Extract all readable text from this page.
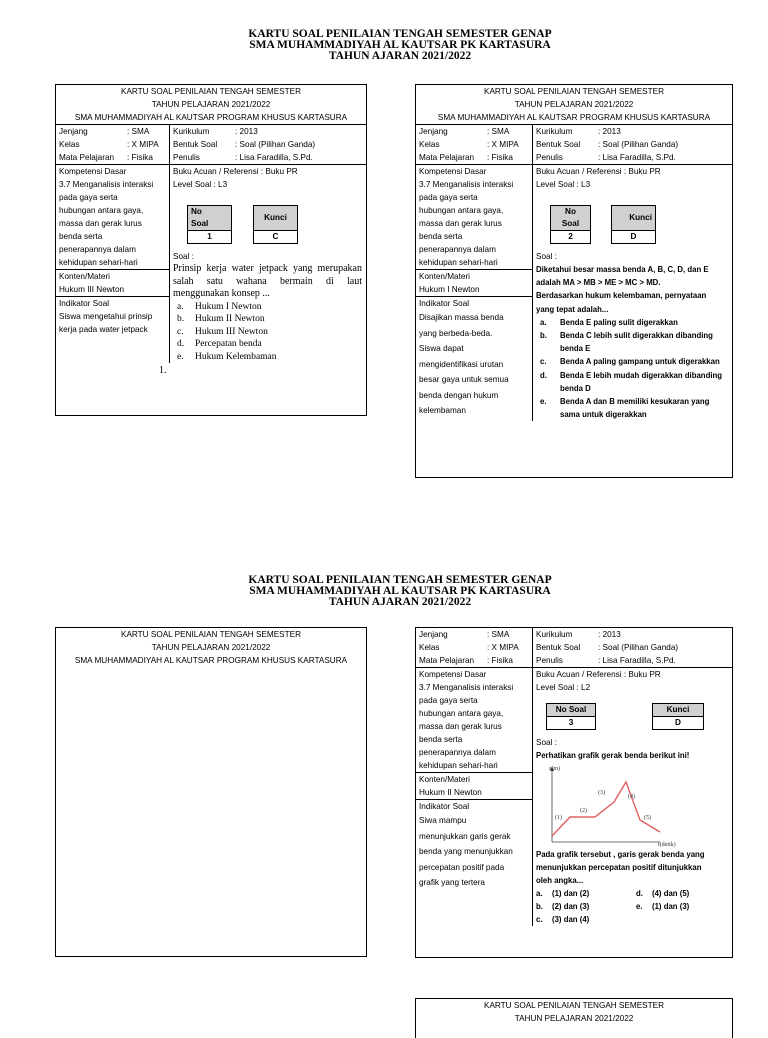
KARTU SOAL PENILAIAN TENGAH SEMESTER GENAP
SMA MUHAMMADIYAH AL KAUTSAR PK KARTASURA
TAHUN AJARAN 2021/2022
KARTU SOAL PENILAIAN TENGAH SEMESTER
TAHUN PELAJARAN 2021/2022
SMA MUHAMMADIYAH AL KAUTSAR PROGRAM KHUSUS KARTASURA
Jenjang	: SMA
Kelas	: X MIPA
Mata Pelajaran	: Fisika
Kurikulum	: 2013
Bentuk Soal	: Soal (Pilihan Ganda)
Penulis	: Lisa Faradilla, S.Pd.
Kompetensi Dasar
3.7 Menganalisis interaksi
pada gaya serta
hubungan antara gaya,
massa dan gerak lurus
benda serta
penerapannya dalam
kehidupan sehari-hari
Konten/Materi
Hukum III Newton
Indikator Soal
Siswa mengetahui prinsip
kerja pada water jetpack
Buku Acuan / Referensi : Buku PR
Level Soal : L3
No
Soal
1
Kunci
C
Soal :
1.
Prinsip kerja water jetpack yang merupakan salah satu wahana bermain di laut menggunakan konsep ...
a.	Hukum I Newton
b.	Hukum II Newton
c.	Hukum III Newton
d.	Percepatan benda
e.	Hukum Kelembaman
KARTU SOAL PENILAIAN TENGAH SEMESTER
TAHUN PELAJARAN 2021/2022
SMA MUHAMMADIYAH AL KAUTSAR PROGRAM KHUSUS KARTASURA
Jenjang	: SMA
Kelas	: X MIPA
Mata Pelajaran	: Fisika
Kurikulum	: 2013
Bentuk Soal	: Soal (Pilihan Ganda)
Penulis	: Lisa Faradilla, S.Pd.
Kompetensi Dasar
3.7 Menganalisis interaksi
pada gaya serta
hubungan antara gaya,
massa dan gerak lurus
benda serta
penerapannya dalam
kehidupan sehari-hari
Konten/Materi
Hukum I Newton
Indikator Soal
Disajikan massa benda
yang berbeda-beda.
Siswa dapat
mengidentifikasi urutan
besar gaya untuk semua
benda dengan hukum
kelembaman
Buku Acuan / Referensi : Buku PR
Level Soal : L3
No
Soal
2
Kunci
D
Soal :
Diketahui besar massa benda A, B, C, D, dan E
adalah MA > MB > ME > MC > MD.
Berdasarkan hukum kelembaman, pernyataan
yang tepat adalah...
a.	Benda E paling sulit digerakkan
b.	Benda C lebih sulit digerakkan dibanding benda E
c.	Benda A paling gampang untuk digerakkan
d.	Benda E lebih mudah digerakkan dibanding benda D
e.	Benda A dan B memiliki kesukaran yang sama untuk digerakkan
KARTU SOAL PENILAIAN TENGAH SEMESTER GENAP
SMA MUHAMMADIYAH AL KAUTSAR PK KARTASURA
TAHUN AJARAN 2021/2022
KARTU SOAL PENILAIAN TENGAH SEMESTER
TAHUN PELAJARAN 2021/2022
SMA MUHAMMADIYAH AL KAUTSAR PROGRAM KHUSUS KARTASURA
Jenjang	: SMA
Kelas	: X MIPA
Mata Pelajaran	: Fisika
Kurikulum	: 2013
Bentuk Soal	: Soal (Pilihan Ganda)
Penulis	: Lisa Faradilla, S.Pd.
Kompetensi Dasar
3.7 Menganalisis interaksi
pada gaya serta
hubungan antara gaya,
massa dan gerak lurus
benda serta
penerapannya dalam
kehidupan sehari-hari
Konten/Materi
Hukum II Newton
Indikator Soal
Siwa mampu
menunjukkan garis gerak
benda yang menunjukkan
percepatan positif pada
grafik yang tertera
Buku Acuan / Referensi : Buku PR
Level Soal : L2
No Soal
3
Kunci
D
Soal :
Perhatikan grafik gerak benda berikut ini!
s(m)
t(detik)
(1)
(2)
(3)
(4)
(5)
Pada grafik tersebut , garis gerak benda yang
menunjukkan percepatan positif ditunjukkan
oleh angka...
a.	(1) dan (2)	d.	(4) dan (5)
b.	(2) dan (3)	e.	(1) dan (3)
c.	(3) dan (4)
KARTU SOAL PENILAIAN TENGAH SEMESTER
TAHUN PELAJARAN 2021/2022
